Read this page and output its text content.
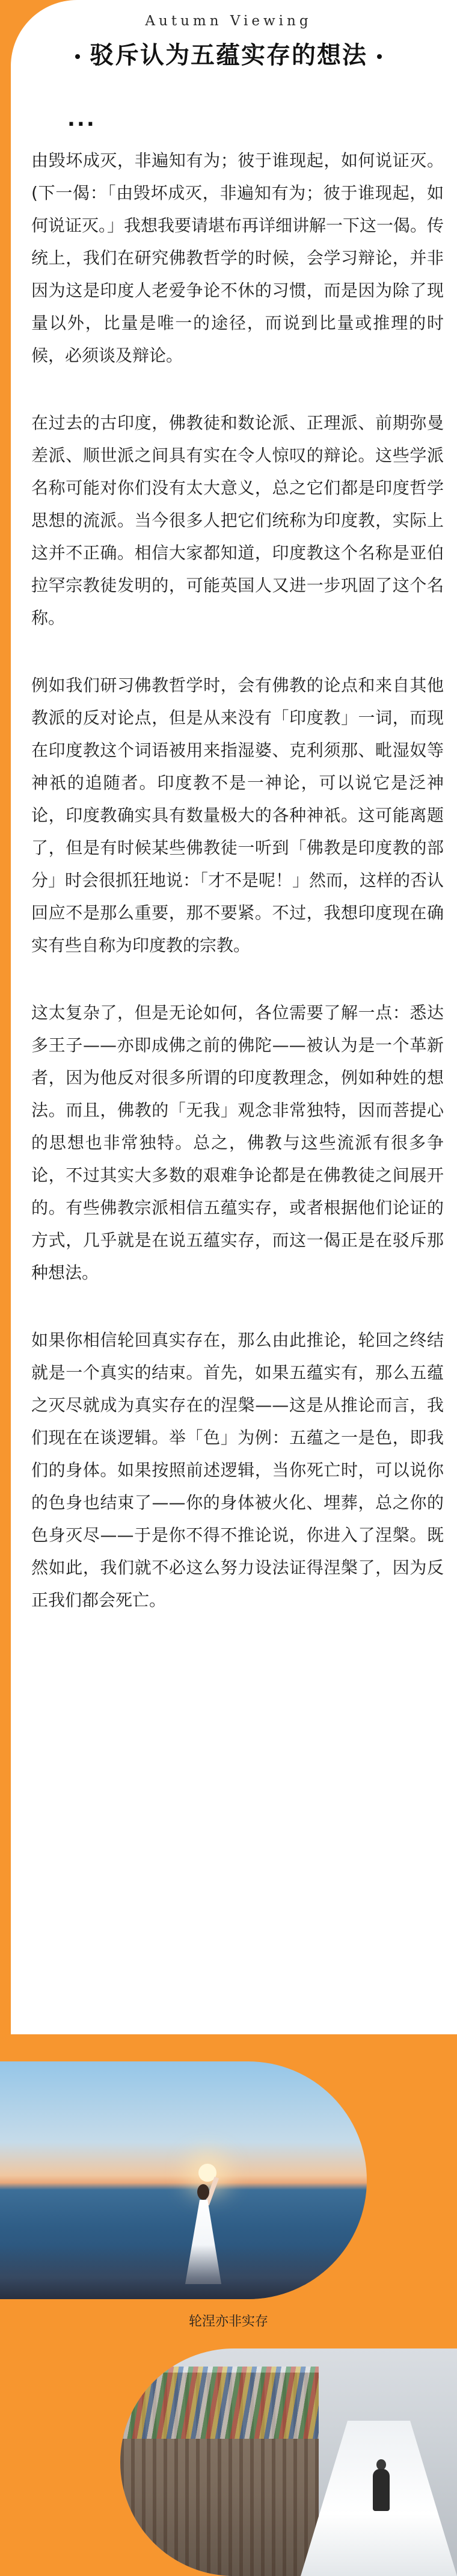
Autumn Viewing
驳斥认为五蕴实存的想法
...

由毁坏成灭，非遍知有为；彼于谁现起，如何说证灭。(下一偈：「由毁坏成灭，非遍知有为；彼于谁现起，如何说证灭。」我想我要请堪布再详细讲解一下这一偈。传统上，我们在研究佛教哲学的时候，会学习辩论，并非因为这是印度人老爱争论不休的习惯，而是因为除了现量以外，比量是唯一的途径，而说到比量或推理的时候，必须谈及辩论。

在过去的古印度，佛教徒和数论派、正理派、前期弥曼差派、顺世派之间具有实在令人惊叹的辩论。这些学派名称可能对你们没有太大意义，总之它们都是印度哲学思想的流派。当今很多人把它们统称为印度教，实际上这并不正确。相信大家都知道，印度教这个名称是亚伯拉罕宗教徒发明的，可能英国人又进一步巩固了这个名称。

例如我们研习佛教哲学时，会有佛教的论点和来自其他教派的反对论点，但是从来没有「印度教」一词，而现在印度教这个词语被用来指湿婆、克利须那、毗湿奴等神祇的追随者。印度教不是一神论，可以说它是泛神论，印度教确实具有数量极大的各种神祇。这可能离题了，但是有时候某些佛教徒一听到「佛教是印度教的部分」时会很抓狂地说：「才不是呢！」然而，这样的否认回应不是那么重要，那不要紧。不过，我想印度现在确实有些自称为印度教的宗教。

这太复杂了，但是无论如何，各位需要了解一点：悉达多王子——亦即成佛之前的佛陀——被认为是一个革新者，因为他反对很多所谓的印度教理念，例如种姓的想法。而且，佛教的「无我」观念非常独特，因而菩提心的思想也非常独特。总之，佛教与这些流派有很多争论，不过其实大多数的艰难争论都是在佛教徒之间展开的。有些佛教宗派相信五蕴实存，或者根据他们论证的方式，几乎就是在说五蕴实存，而这一偈正是在驳斥那种想法。

如果你相信轮回真实存在，那么由此推论，轮回之终结就是一个真实的结束。首先，如果五蕴实有，那么五蕴之灭尽就成为真实存在的涅槃——这是从推论而言，我们现在在谈逻辑。举「色」为例：五蕴之一是色，即我们的身体。如果按照前述逻辑，当你死亡时，可以说你的色身也结束了——你的身体被火化、埋葬，总之你的色身灭尽——于是你不得不推论说，你进入了涅槃。既然如此，我们就不必这么努力设法证得涅槃了，因为反正我们都会死亡。

轮涅亦非实存
